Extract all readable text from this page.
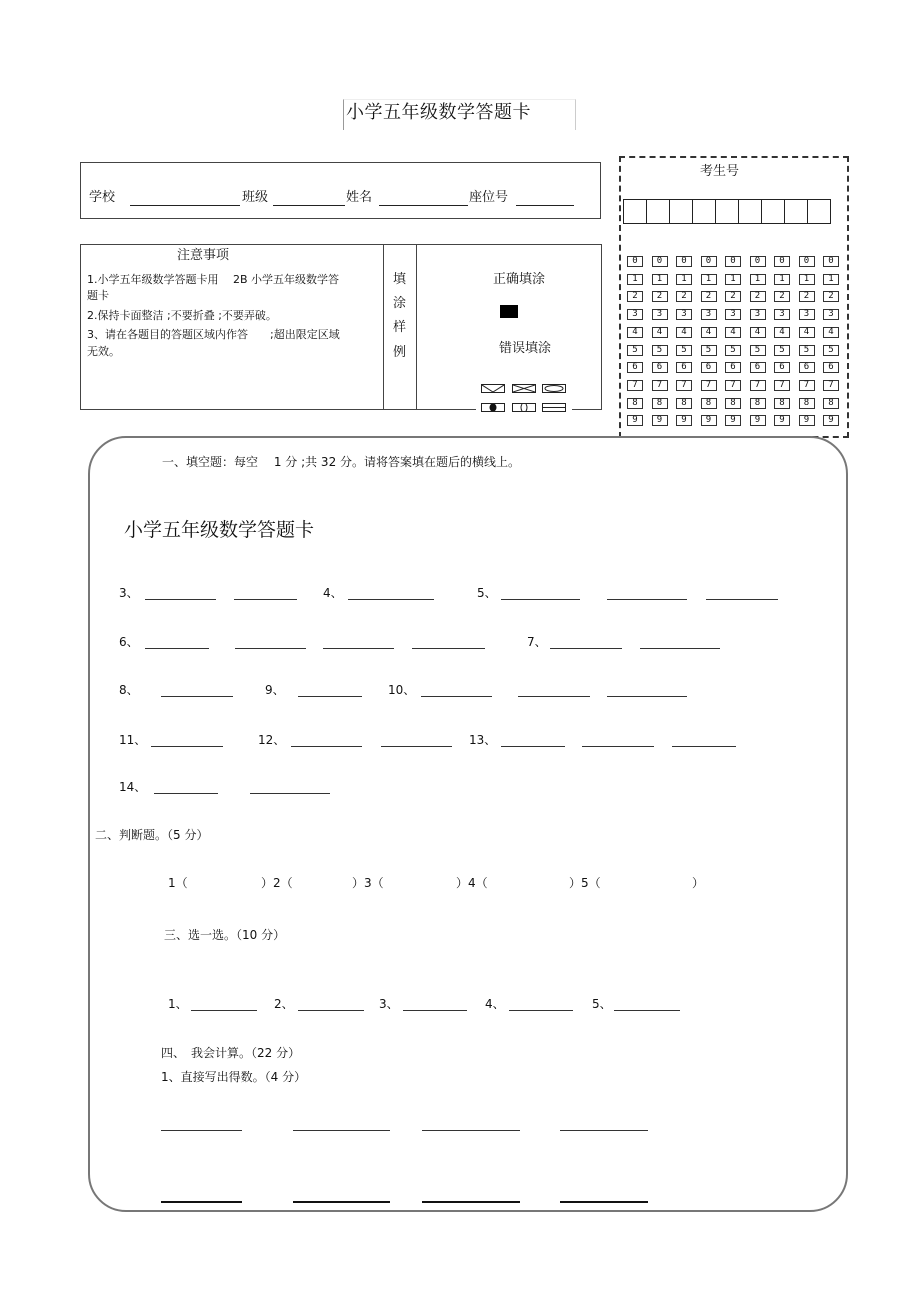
小学五年级数学答题卡
学校	班级	姓名	座位号
注意事项
1.小学五年级数学答题卡用　 2B 小学五年级数学答
题卡
2.保持卡面整洁 ;不要折叠 ;不要弄破。
3、请在各题目的答题区域内作答　　;超出限定区域
无效。
填
涂
样
例
正确填涂
错误填涂
考生号
0	0	0	0	0	0	0	0	0
1	1	1	1	1	1	1	1	1
2	2	2	2	2	2	2	2	2
3	3	3	3	3	3	3	3	3
4	4	4	4	4	4	4	4	4
5	5	5	5	5	5	5	5	5
6	6	6	6	6	6	6	6	6
7	7	7	7	7	7	7	7	7
8	8	8	8	8	8	8	8	8
9	9	9	9	9	9	9	9	9
一、填空题：每空　 1 分 ;共 32 分。请将答案填在题后的横线上。
小学五年级数学答题卡
3、	4、	5、
6、	7、
8、	9、	10、
11、	12、	13、
14、
二、判断题。（5 分）
1（	）2（	）3（	）4（	）5（	）
三、选一选。（10 分）
1、	2、	3、	4、	5、
四、　我会计算。（22 分）
1、直接写出得数。（4 分）
